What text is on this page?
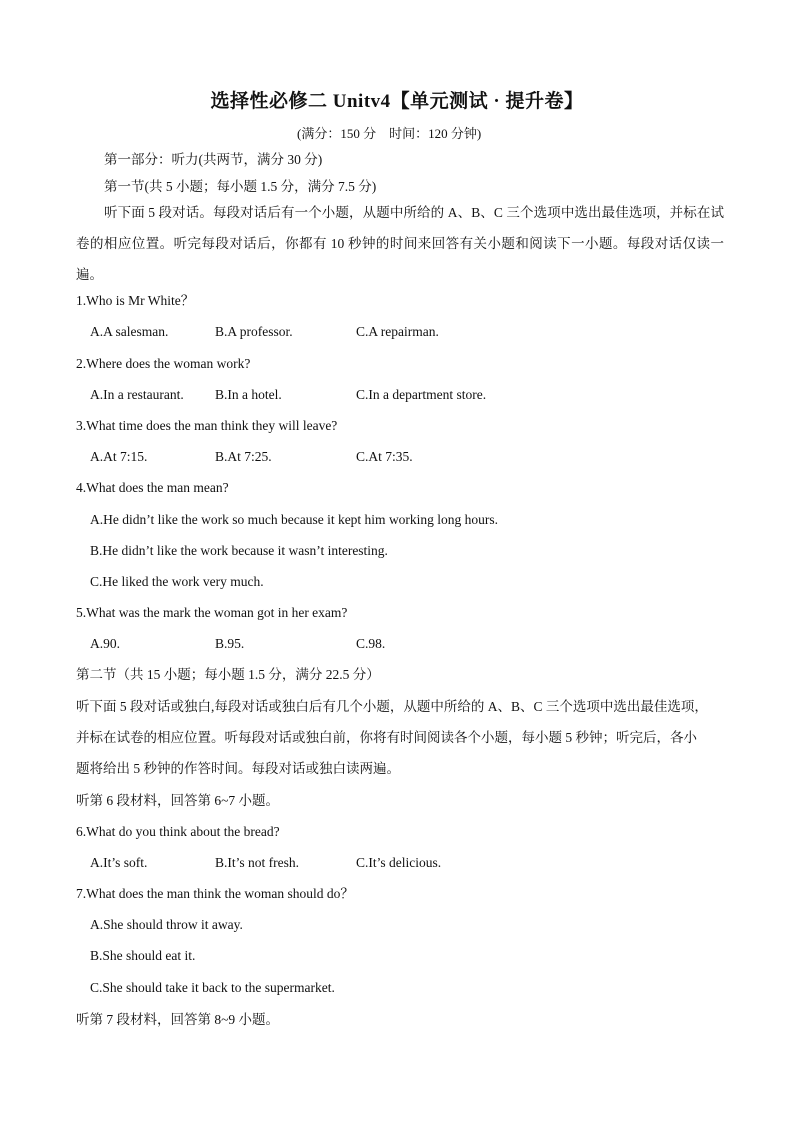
选择性必修二 Unitv4【单元测试 · 提升卷】
(满分：150 分　时间：120 分钟)
第一部分：听力(共两节，满分 30 分)
第一节(共 5 小题；每小题 1.5 分，满分 7.5 分)
听下面 5 段对话。每段对话后有一个小题，从题中所给的 A、B、C 三个选项中选出最佳选项，并标在试卷的相应位置。听完每段对话后，你都有 10 秒钟的时间来回答有关小题和阅读下一小题。每段对话仅读一遍。
1.Who is Mr White？
A.A salesman.	B.A professor.	C.A repairman.
2.Where does the woman work?
A.In a restaurant. B.In a hotel.	C.In a department store.
3.What time does the man think they will leave?
A.At 7:15.	B.At 7:25.	C.At 7:35.
4.What does the man mean?
A.He didn’t like the work so much because it kept him working long hours.
B.He didn’t like the work because it wasn’t interesting.
C.He liked the work very much.
5.What was the mark the woman got in her exam?
A.90.	B.95.	C.98.
第二节（共 15 小题；每小题 1.5 分，满分 22.5 分）
听下面 5 段对话或独白,每段对话或独白后有几个小题，从题中所给的 A、B、C 三个选项中选出最佳选项，
并标在试卷的相应位置。听每段对话或独白前，你将有时间阅读各个小题，每小题 5 秒钟；听完后，各小
题将给出 5 秒钟的作答时间。每段对话或独白读两遍。
听第 6 段材料，回答第 6~7 小题。
6.What do you think about the bread?
A.It’s soft.	B.It’s not fresh.	C.It’s delicious.
7.What does the man think the woman should do？
A.She should throw it away.
B.She should eat it.
C.She should take it back to the supermarket.
听第 7 段材料，回答第 8~9 小题。
